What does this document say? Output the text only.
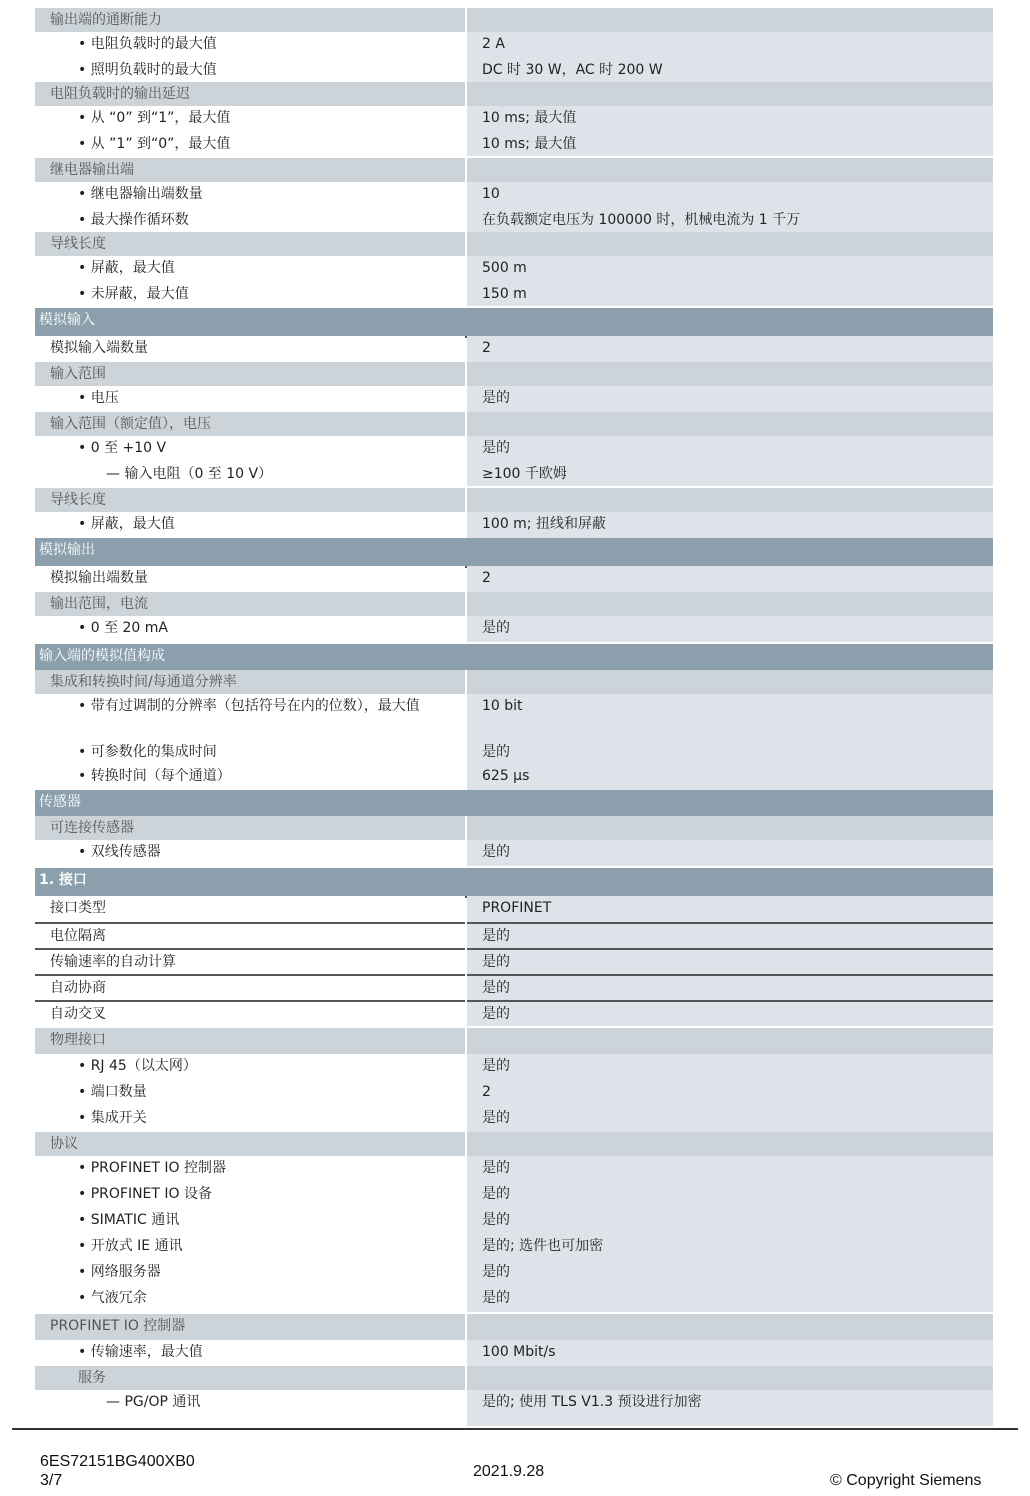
输出端的通断能力
• 电阻负载时的最大值	2 A
• 照明负载时的最大值	DC 时 30 W，AC 时 200 W
电阻负载时的输出延迟
• 从 “0” 到“1”，最大值	10 ms; 最大值
• 从 ”1” 到“0”，最大值	10 ms; 最大值
继电器输出端
• 继电器输出端数量	10
• 最大操作循环数	在负载额定电压为 100000 时，机械电流为 1 千万
导线长度
• 屏蔽，最大值	500 m
• 未屏蔽，最大值	150 m
模拟输入
模拟输入端数量	2
输入范围
• 电压	是的
输入范围（额定值），电压
• 0 至 +10 V	是的
— 输入电阻（0 至 10 V）	≥100 千欧姆
导线长度
• 屏蔽，最大值	100 m; 扭线和屏蔽
模拟输出
模拟输出端数量	2
输出范围，电流
• 0 至 20 mA	是的
输入端的模拟值构成
集成和转换时间/每通道分辨率
• 带有过调制的分辨率（包括符号在内的位数），最大值	10 bit
• 可参数化的集成时间	是的
• 转换时间（每个通道）	625 μs
传感器
可连接传感器
• 双线传感器	是的
1. 接口
接口类型	PROFINET
电位隔离	是的
传输速率的自动计算	是的
自动协商	是的
自动交叉	是的
物理接口
• RJ 45（以太网）	是的
• 端口数量	2
• 集成开关	是的
协议
• PROFINET IO 控制器	是的
• PROFINET IO 设备	是的
• SIMATIC 通讯	是的
• 开放式 IE 通讯	是的; 选件也可加密
• 网络服务器	是的
• 气液冗余	是的
PROFINET IO 控制器
• 传输速率，最大值	100 Mbit/s
服务
— PG/OP 通讯	是的; 使用 TLS V1.3 预设进行加密
6ES72151BG400XB0
3/7
2021.9.28
© Copyright Siemens
